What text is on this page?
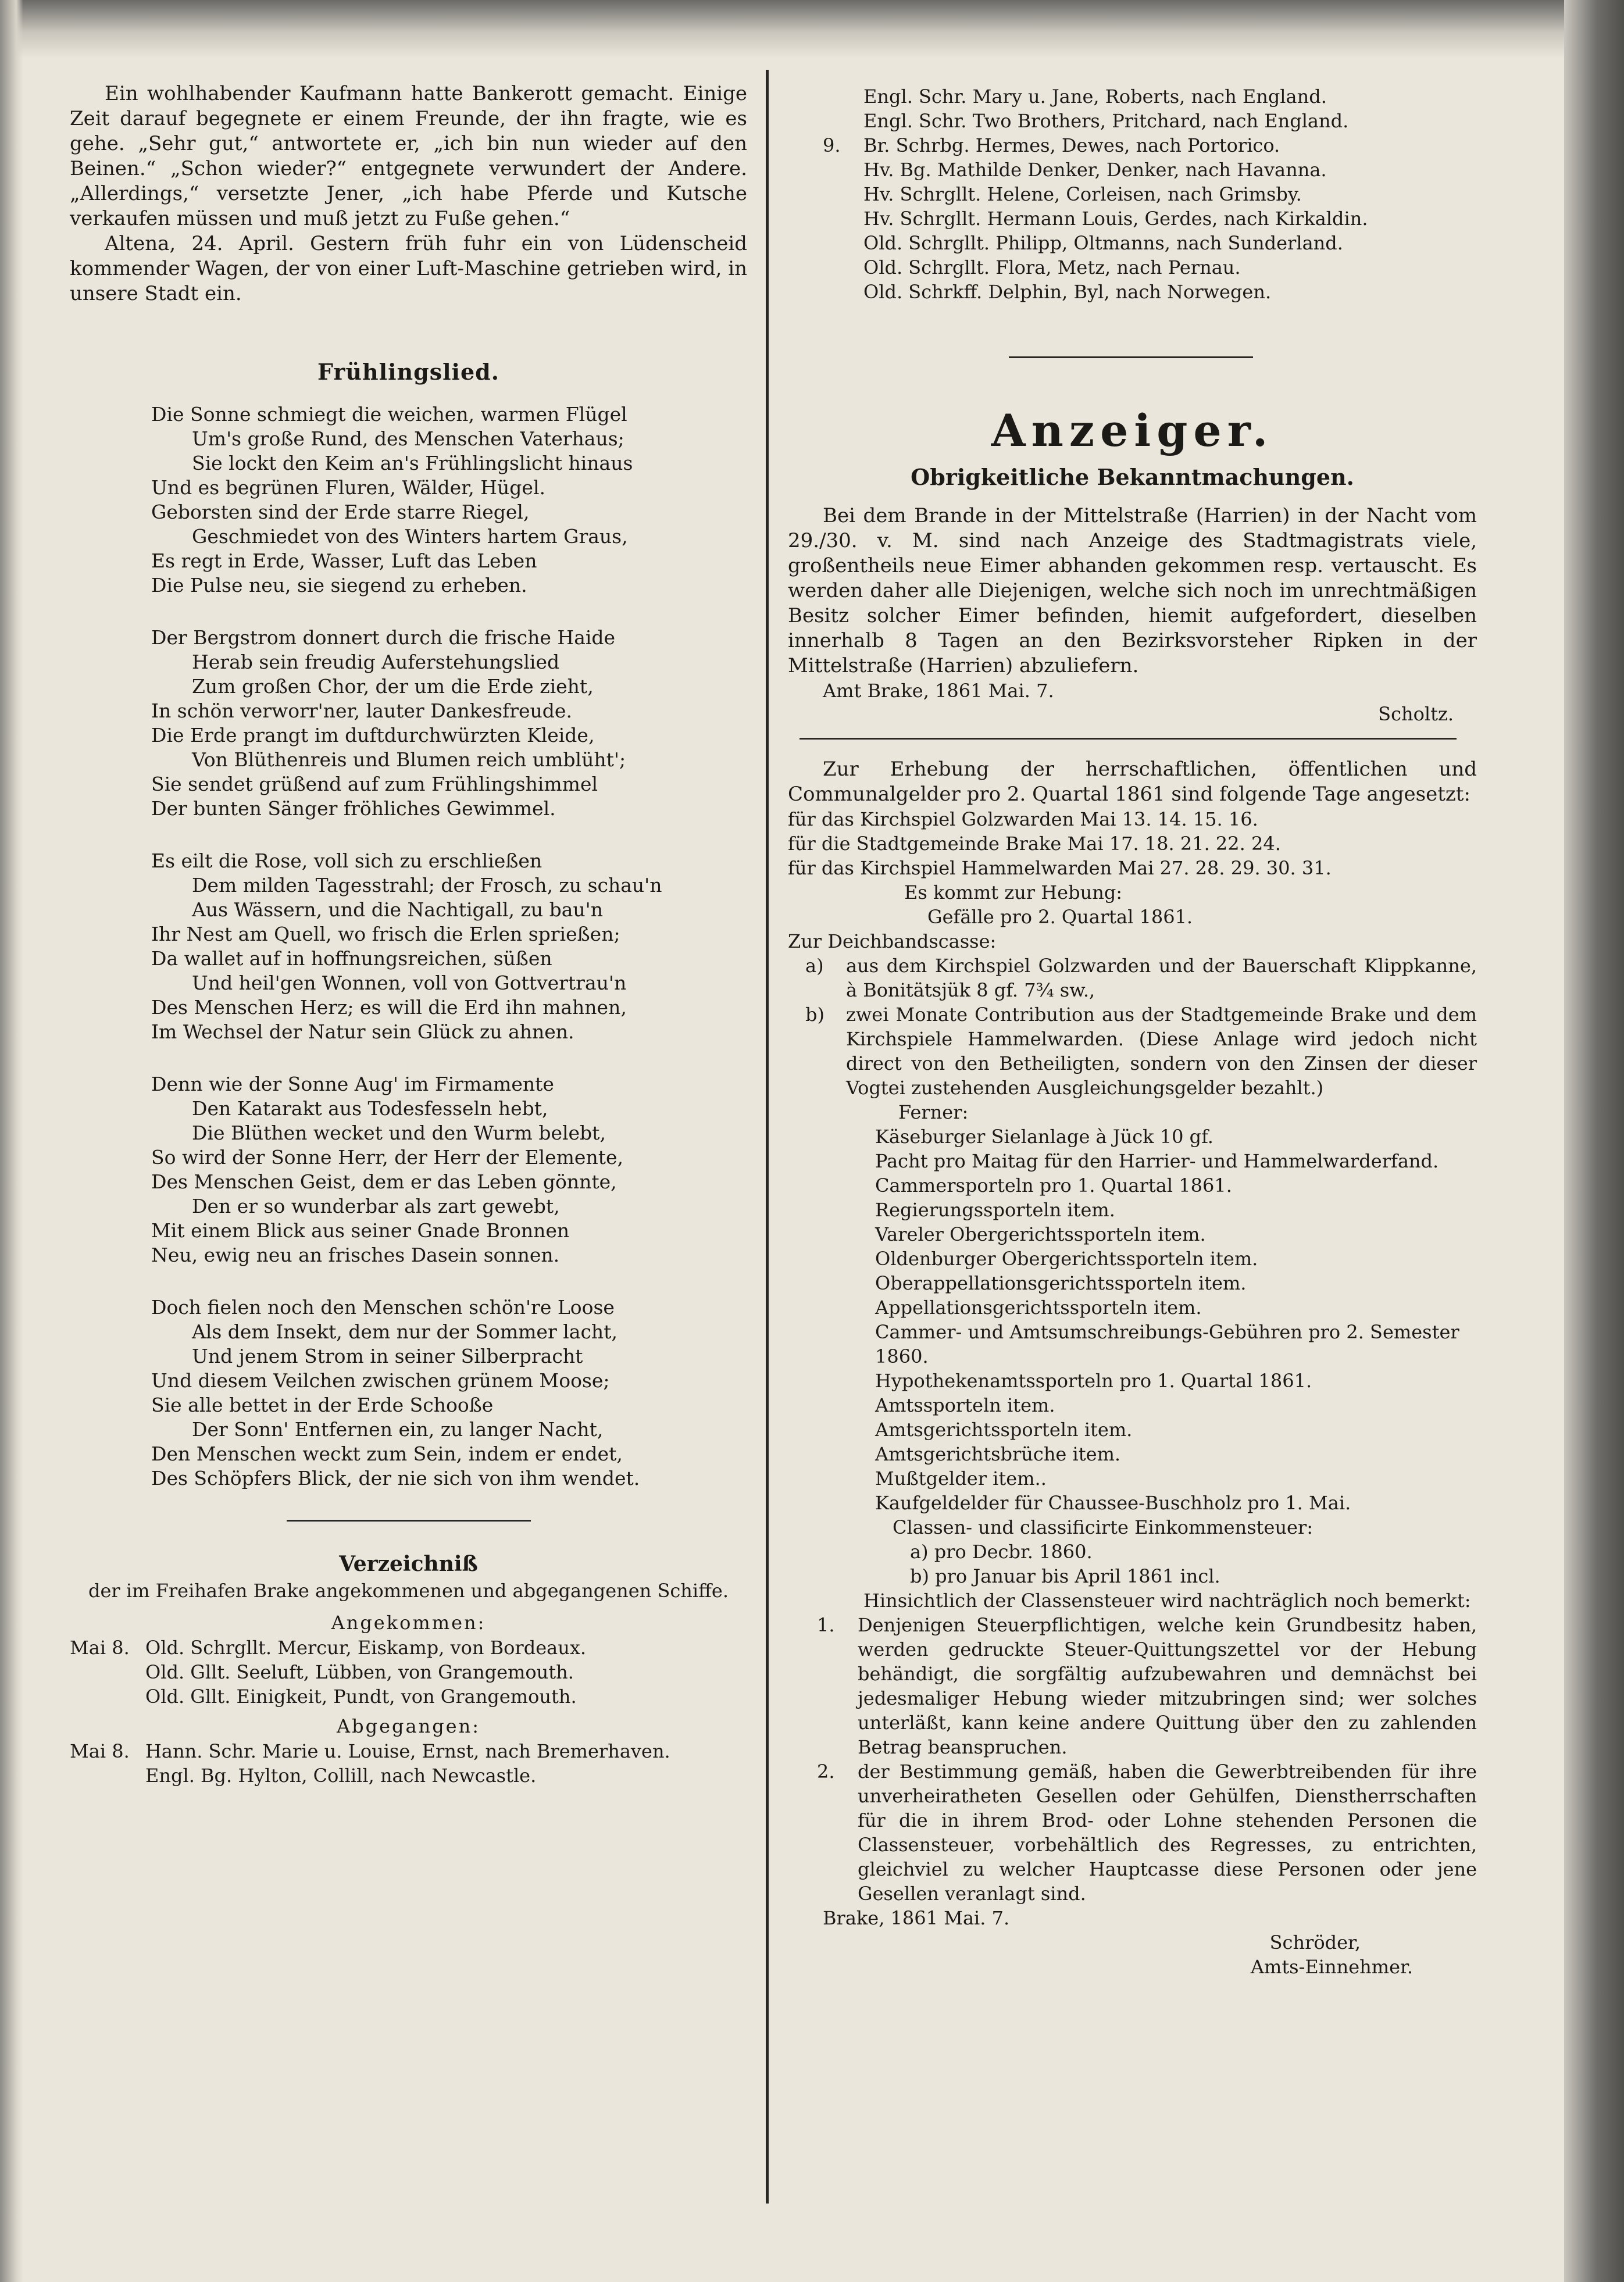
Ein wohlhabender Kaufmann hatte Bankerott gemacht. Einige Zeit darauf begegnete er einem Freunde, der ihn fragte, wie es gehe. „Sehr gut,“ antwortete er, „ich bin nun wieder auf den Beinen.“ „Schon wieder?“ entgegnete verwundert der Andere. „Allerdings,“ versetzte Jener, „ich habe Pferde und Kutsche verkaufen müssen und muß jetzt zu Fuße gehen.“

Altena, 24. April. Gestern früh fuhr ein von Lüdenscheid kommender Wagen, der von einer Luft-Maschine getrieben wird, in unsere Stadt ein.

Frühlingslied.
Die Sonne schmiegt die weichen, warmen Flügel
Um's große Rund, des Menschen Vaterhaus;
Sie lockt den Keim an's Frühlingslicht hinaus
Und es begrünen Fluren, Wälder, Hügel.
Geborsten sind der Erde starre Riegel,
Geschmiedet von des Winters hartem Graus,
Es regt in Erde, Wasser, Luft das Leben
Die Pulse neu, sie siegend zu erheben.
Der Bergstrom donnert durch die frische Haide
Herab sein freudig Auferstehungslied
Zum großen Chor, der um die Erde zieht,
In schön verworr'ner, lauter Dankesfreude.
Die Erde prangt im duftdurchwürzten Kleide,
Von Blüthenreis und Blumen reich umblüht';
Sie sendet grüßend auf zum Frühlingshimmel
Der bunten Sänger fröhliches Gewimmel.
Es eilt die Rose, voll sich zu erschließen
Dem milden Tagesstrahl; der Frosch, zu schau'n
Aus Wässern, und die Nachtigall, zu bau'n
Ihr Nest am Quell, wo frisch die Erlen sprießen;
Da wallet auf in hoffnungsreichen, süßen
Und heil'gen Wonnen, voll von Gottvertrau'n
Des Menschen Herz; es will die Erd ihn mahnen,
Im Wechsel der Natur sein Glück zu ahnen.
Denn wie der Sonne Aug' im Firmamente
Den Katarakt aus Todesfesseln hebt,
Die Blüthen wecket und den Wurm belebt,
So wird der Sonne Herr, der Herr der Elemente,
Des Menschen Geist, dem er das Leben gönnte,
Den er so wunderbar als zart gewebt,
Mit einem Blick aus seiner Gnade Bronnen
Neu, ewig neu an frisches Dasein sonnen.
Doch fielen noch den Menschen schön're Loose
Als dem Insekt, dem nur der Sommer lacht,
Und jenem Strom in seiner Silberpracht
Und diesem Veilchen zwischen grünem Moose;
Sie alle bettet in der Erde Schooße
Der Sonn' Entfernen ein, zu langer Nacht,
Den Menschen weckt zum Sein, indem er endet,
Des Schöpfers Blick, der nie sich von ihm wendet.
Verzeichniß
der im Freihafen Brake angekommenen und abgegangenen Schiffe.
Angekommen:
Mai 8. Old. Schrgllt. Mercur, Eiskamp, von Bordeaux.
Old. Gllt. Seeluft, Lübben, von Grangemouth.
Old. Gllt. Einigkeit, Pundt, von Grangemouth.
Abgegangen:
Mai 8. Hann. Schr. Marie u. Louise, Ernst, nach Bremerhaven.
Engl. Bg. Hylton, Collill, nach Newcastle.
Engl. Schr. Mary u. Jane, Roberts, nach England.
Engl. Schr. Two Brothers, Pritchard, nach England.
9. Br. Schrbg. Hermes, Dewes, nach Portorico.
Hv. Bg. Mathilde Denker, Denker, nach Havanna.
Hv. Schrgllt. Helene, Corleisen, nach Grimsby.
Hv. Schrgllt. Hermann Louis, Gerdes, nach Kirkaldin.
Old. Schrgllt. Philipp, Oltmanns, nach Sunderland.
Old. Schrgllt. Flora, Metz, nach Pernau.
Old. Schrkff. Delphin, Byl, nach Norwegen.
Anzeiger.
Obrigkeitliche Bekanntmachungen.

Bei dem Brande in der Mittelstraße (Harrien) in der Nacht vom 29./30. v. M. sind nach Anzeige des Stadtmagistrats viele, großentheils neue Eimer abhanden gekommen resp. vertauscht. Es werden daher alle Diejenigen, welche sich noch im unrechtmäßigen Besitz solcher Eimer befinden, hiemit aufgefordert, dieselben innerhalb 8 Tagen an den Bezirksvorsteher Ripken in der Mittelstraße (Harrien) abzuliefern.

Amt Brake, 1861 Mai. 7.
Scholtz.

Zur Erhebung der herrschaftlichen, öffentlichen und Communalgelder pro 2. Quartal 1861 sind folgende Tage angesetzt:

für das Kirchspiel Golzwarden Mai 13. 14. 15. 16.
für die Stadtgemeinde Brake Mai 17. 18. 21. 22. 24.
für das Kirchspiel Hammelwarden Mai 27. 28. 29. 30. 31.
Es kommt zur Hebung:
Gefälle pro 2. Quartal 1861.
Zur Deichbandscasse:
a)	aus dem Kirchspiel Golzwarden und der Bauerschaft Klippkanne, à Bonitätsjük 8 gf. 7¾ sw.,
b)	zwei Monate Contribution aus der Stadtgemeinde Brake und dem Kirchspiele Hammelwarden. (Diese Anlage wird jedoch nicht direct von den Betheiligten, sondern von den Zinsen der dieser Vogtei zustehenden Ausgleichungsgelder bezahlt.)
Ferner:
Käseburger Sielanlage à Jück 10 gf.
Pacht pro Maitag für den Harrier- und Hammelwarderfand.
Cammersporteln pro 1. Quartal 1861.
Regierungssporteln item.
Vareler Obergerichtssporteln item.
Oldenburger Obergerichtssporteln item.
Oberappellationsgerichtssporteln item.
Appellationsgerichtssporteln item.
Cammer- und Amtsumschreibungs-Gebühren pro 2. Semester 1860.
Hypothekenamtssporteln pro 1. Quartal 1861.
Amtssporteln item.
Amtsgerichtssporteln item.
Amtsgerichtsbrüche item.
Mußtgelder item..
Kaufgeldelder für Chaussee-Buschholz pro 1. Mai.
Classen- und classificirte Einkommensteuer:
a) pro Decbr. 1860.
b) pro Januar bis April 1861 incl.
Hinsichtlich der Classensteuer wird nachträglich noch bemerkt:
1.	Denjenigen Steuerpflichtigen, welche kein Grundbesitz haben, werden gedruckte Steuer-Quittungszettel vor der Hebung behändigt, die sorgfältig aufzubewahren und demnächst bei jedesmaliger Hebung wieder mitzubringen sind; wer solches unterläßt, kann keine andere Quittung über den zu zahlenden Betrag beanspruchen.
2.	der Bestimmung gemäß, haben die Gewerbtreibenden für ihre unverheiratheten Gesellen oder Gehülfen, Dienstherrschaften für die in ihrem Brod- oder Lohne stehenden Personen die Classensteuer, vorbehältlich des Regresses, zu entrichten, gleichviel zu welcher Hauptcasse diese Personen oder jene Gesellen veranlagt sind.
Brake, 1861 Mai. 7.
Schröder,
Amts-Einnehmer.
